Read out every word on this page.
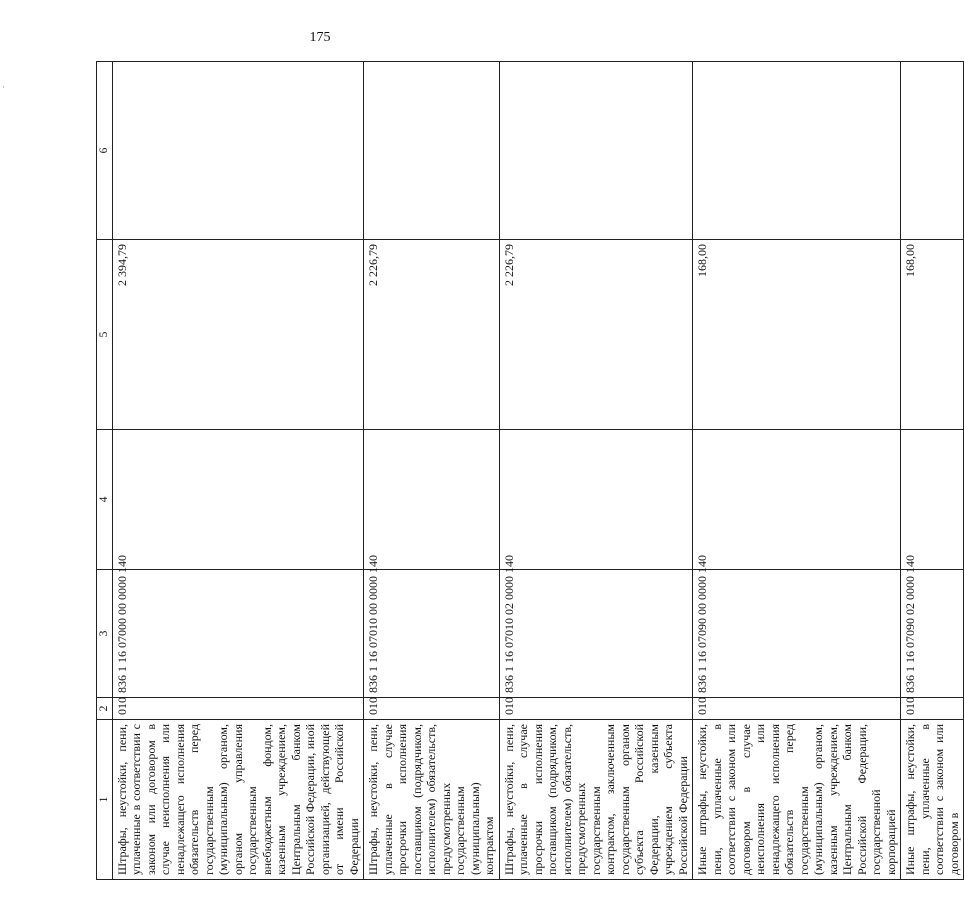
175
·
1	2	3	4	5	6
Штрафы, неустойки, пени, уплаченные в соответствии с законом или договором в случае неисполнения или ненадлежащего исполнения обязательств перед государственным (муниципальным) органом, органом управления государственным внебюджетным фондом, казенным учреждением, Центральным банком Российской Федерации, иной организацией, действующей от имени Российской Федерации	010	836 1 16 07000 00 0000 140		2 394,79	
Штрафы, неустойки, пени, уплаченные в случае просрочки исполнения поставщиком (подрядчиком, исполнителем) обязательств, предусмотренных государственным (муниципальным) контрактом	010	836 1 16 07010 00 0000 140		2 226,79	
Штрафы, неустойки, пени, уплаченные в случае просрочки исполнения поставщиком (подрядчиком, исполнителем) обязательств, предусмотренных государственным контрактом, заключенным государственным органом субъекта Российской Федерации, казенным учреждением субъекта Российской Федерации	010	836 1 16 07010 02 0000 140		2 226,79	
Иные штрафы, неустойки, пени, уплаченные в соответствии с законом или договором в случае неисполнения или ненадлежащего исполнения обязательств перед государственным (муниципальным) органом, казенным учреждением, Центральным банком Российской Федерации, государственной корпорацией	010	836 1 16 07090 00 0000 140		168,00	
Иные штрафы, неустойки, пени, уплаченные в соответствии с законом или договором в	010	836 1 16 07090 02 0000 140		168,00	
